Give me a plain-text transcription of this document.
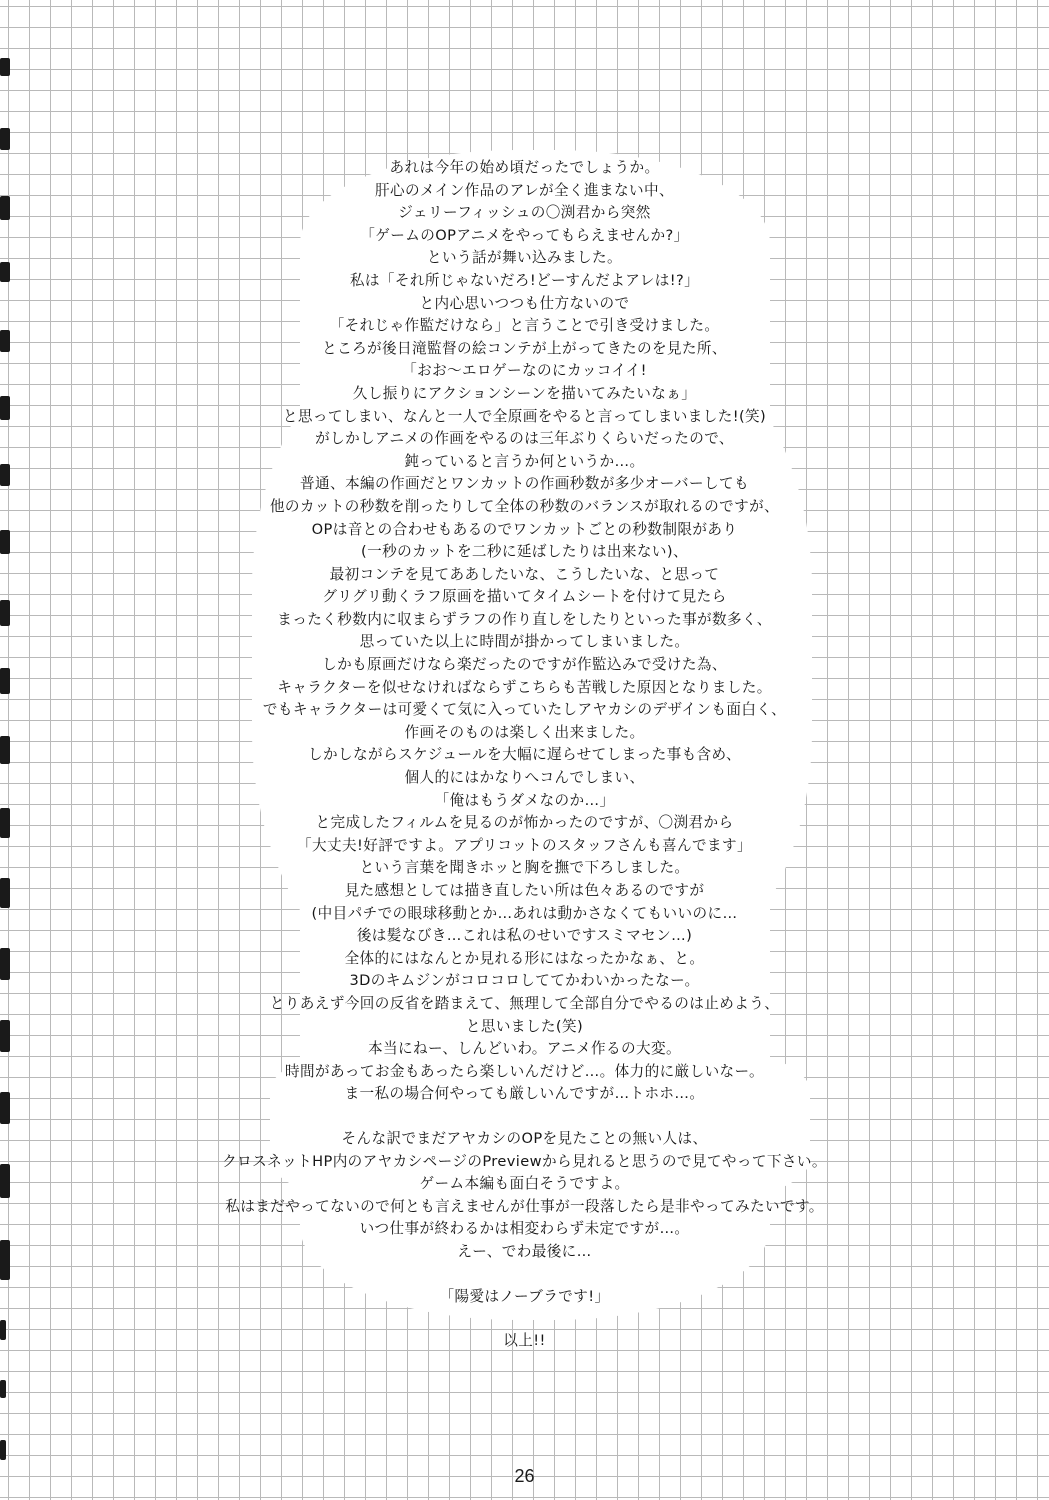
あれは今年の始め頃だったでしょうか。
肝心のメイン作品のアレが全く進まない中、
ジェリーフィッシュの〇渕君から突然
「ゲームのOPアニメをやってもらえませんか?」
という話が舞い込みました。
私は「それ所じゃないだろ!どーすんだよアレは!?」
と内心思いつつも仕方ないので
「それじゃ作監だけなら」と言うことで引き受けました。
ところが後日滝監督の絵コンテが上がってきたのを見た所、
「おお〜エロゲーなのにカッコイイ!
久し振りにアクションシーンを描いてみたいなぁ」
と思ってしまい、なんと一人で全原画をやると言ってしまいました!(笑)
がしかしアニメの作画をやるのは三年ぶりくらいだったので、
鈍っていると言うか何というか…。
普通、本編の作画だとワンカットの作画秒数が多少オーバーしても
他のカットの秒数を削ったりして全体の秒数のバランスが取れるのですが、
OPは音との合わせもあるのでワンカットごとの秒数制限があり
(一秒のカットを二秒に延ばしたりは出来ない)、
最初コンテを見てああしたいな、こうしたいな、と思って
グリグリ動くラフ原画を描いてタイムシートを付けて見たら
まったく秒数内に収まらずラフの作り直しをしたりといった事が数多く、
思っていた以上に時間が掛かってしまいました。
しかも原画だけなら楽だったのですが作監込みで受けた為、
キャラクターを似せなければならずこちらも苦戦した原因となりました。
でもキャラクターは可愛くて気に入っていたしアヤカシのデザインも面白く、
作画そのものは楽しく出来ました。
しかしながらスケジュールを大幅に遅らせてしまった事も含め、
個人的にはかなりへコんでしまい、
「俺はもうダメなのか…」
と完成したフィルムを見るのが怖かったのですが、〇渕君から
「大丈夫!好評ですよ。アプリコットのスタッフさんも喜んでます」
という言葉を聞きホッと胸を撫で下ろしました。
見た感想としては描き直したい所は色々あるのですが
(中目パチでの眼球移動とか…あれは動かさなくてもいいのに…
後は髪なびき…これは私のせいですスミマセン…)
全体的にはなんとか見れる形にはなったかなぁ、と。
3Dのキムジンがコロコロしててかわいかったなー。
とりあえず今回の反省を踏まえて、無理して全部自分でやるのは止めよう、
と思いました(笑)
本当にねー、しんどいわ。アニメ作るの大変。
時間があってお金もあったら楽しいんだけど…。体力的に厳しいなー。
ま一私の場合何やっても厳しいんですが…トホホ…。
そんな訳でまだアヤカシのOPを見たことの無い人は、
クロスネットHP内のアヤカシページのPreviewから見れると思うので見てやって下さい。
ゲーム本編も面白そうですよ。
私はまだやってないので何とも言えませんが仕事が一段落したら是非やってみたいです。
いつ仕事が終わるかは相変わらず未定ですが…。
えー、でわ最後に…
「陽愛はノーブラです!」
以上!!
26
